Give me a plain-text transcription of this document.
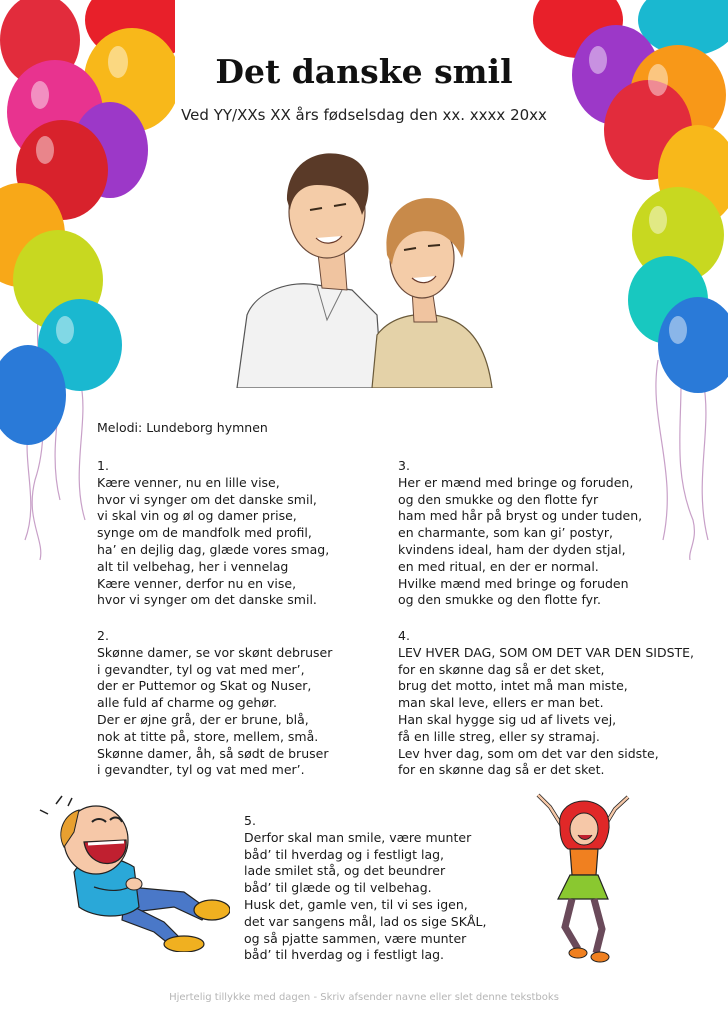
Det danske smil
Ved YY/XXs XX års fødselsdag den xx. xxxx 20xx
Melodi: Lundeborg hymnen
1.
Kære venner, nu en lille vise,
hvor vi synger om det danske smil,
vi skal vin og øl og damer prise,
synge om de mandfolk med profil,
ha’ en dejlig dag, glæde vores smag,
alt til velbehag, her i vennelag
Kære venner, derfor nu en vise,
hvor vi synger om det danske smil.
2.
Skønne damer, se vor skønt debruser
i gevandter, tyl og vat med mer’,
der er Puttemor og Skat og Nuser,
alle fuld af charme og gehør.
Der er øjne grå, der er brune, blå,
nok at titte på, store, mellem, små.
Skønne damer, åh, så sødt de bruser
i gevandter, tyl og vat med mer’.
3.
Her er mænd med bringe og foruden,
og den smukke og den flotte fyr
ham med hår på bryst og under tuden,
en charmante, som kan gi’ postyr,
kvindens ideal, ham der dyden stjal,
en med ritual, en der er normal.
Hvilke mænd med bringe og foruden
og den smukke og den flotte fyr.
4.
LEV HVER DAG, SOM OM DET VAR DEN SIDSTE,
for en skønne dag så er det sket,
brug det motto, intet må man miste,
man skal leve, ellers er man bet.
Han skal hygge sig ud af livets vej,
få en lille streg, eller sy stramaj.
Lev hver dag, som om det var den sidste,
for en skønne dag så er det sket.
5.
Derfor skal man smile, være munter
båd’ til hverdag og i festligt lag,
lade smilet stå, og det beundrer
båd’ til glæde og til velbehag.
Husk det, gamle ven, til vi ses igen,
det var sangens mål, lad os sige SKÅL,
og så pjatte sammen, være munter
båd’ til hverdag og i festligt lag.
Hjertelig tillykke med dagen - Skriv afsender navne eller slet denne tekstboks
